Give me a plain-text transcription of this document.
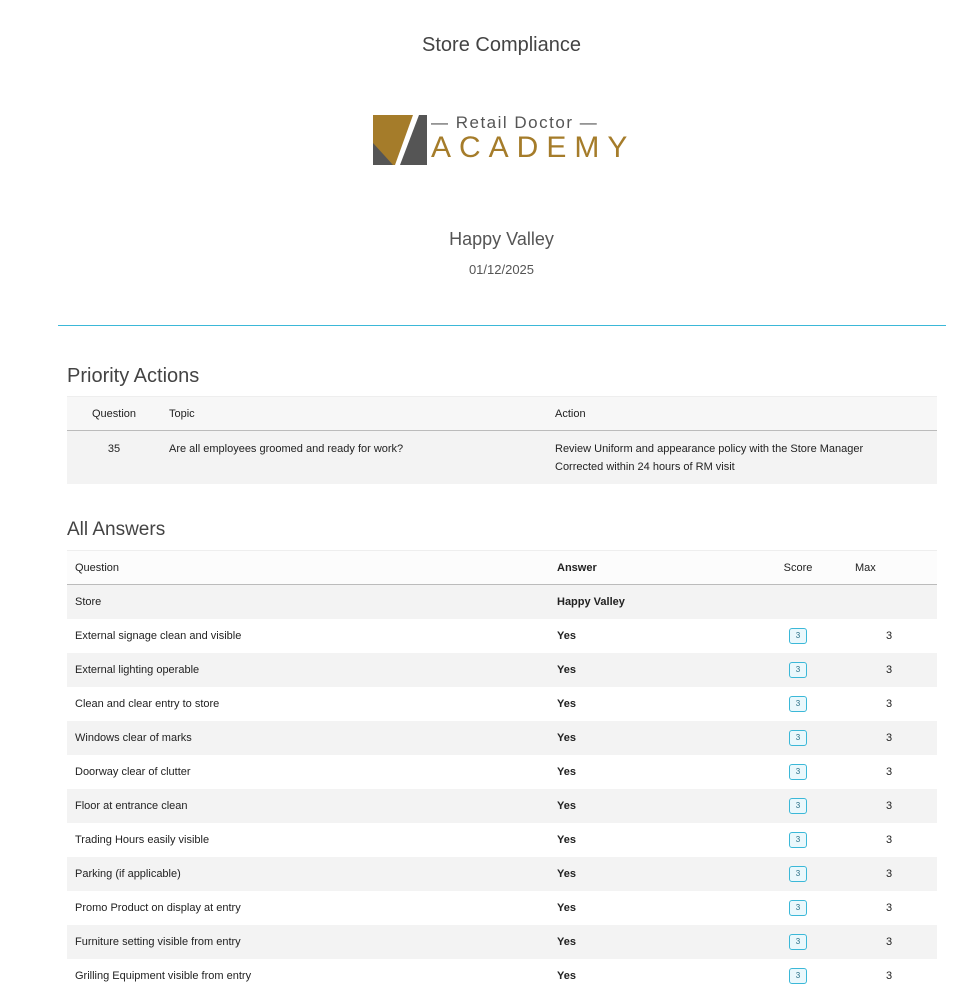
Store Compliance
— Retail Doctor —
ACADEMY
Happy Valley
01/12/2025
Priority Actions
Question	Topic	Action
35	Are all employees groomed and ready for work?	Review Uniform and appearance policy with the Store Manager
Corrected within 24 hours of RM visit
All Answers
Question	Answer	Score	Max
Store	Happy Valley		
External signage clean and visible	Yes	3	3
External lighting operable	Yes	3	3
Clean and clear entry to store	Yes	3	3
Windows clear of marks	Yes	3	3
Doorway clear of clutter	Yes	3	3
Floor at entrance clean	Yes	3	3
Trading Hours easily visible	Yes	3	3
Parking (if applicable)	Yes	3	3
Promo Product on display at entry	Yes	3	3
Furniture setting visible from entry	Yes	3	3
Grilling Equipment visible from entry	Yes	3	3
